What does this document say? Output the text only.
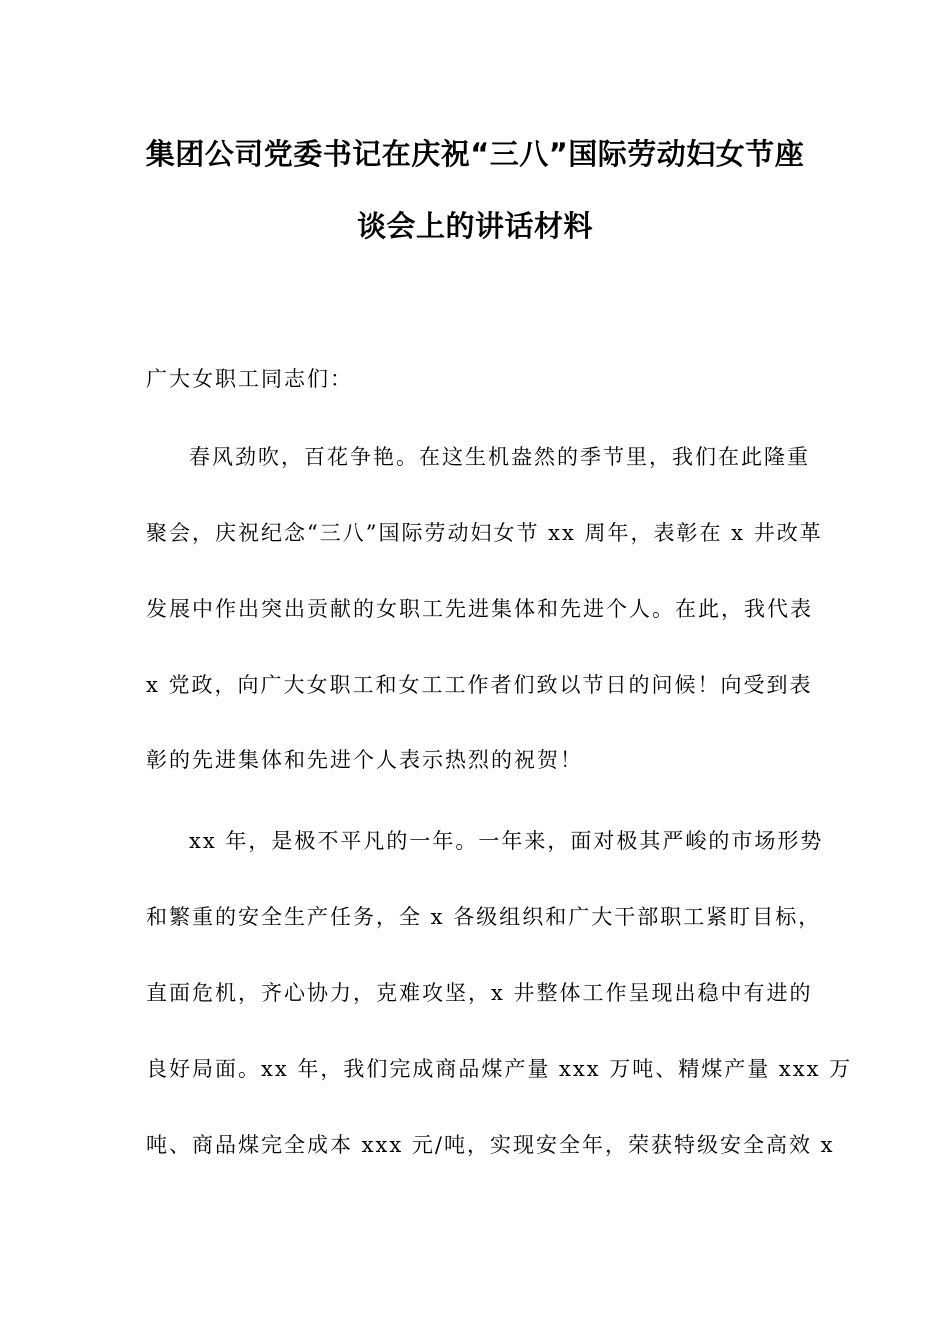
集团公司党委书记在庆祝“三八”国际劳动妇女节座
谈会上的讲话材料
广大女职工同志们：
春风劲吹，百花争艳。在这生机盎然的季节里，我们在此隆重
聚会，庆祝纪念“三八”国际劳动妇女节 xx 周年，表彰在 x 井改革
发展中作出突出贡献的女职工先进集体和先进个人。在此，我代表
x 党政，向广大女职工和女工工作者们致以节日的问候！向受到表
彰的先进集体和先进个人表示热烈的祝贺！
xx 年，是极不平凡的一年。一年来，面对极其严峻的市场形势
和繁重的安全生产任务，全 x 各级组织和广大干部职工紧盯目标，
直面危机，齐心协力，克难攻坚，x 井整体工作呈现出稳中有进的
良好局面。xx 年，我们完成商品煤产量 xxx 万吨、精煤产量 xxx 万
吨、商品煤完全成本 xxx 元/吨，实现安全年，荣获特级安全高效 x
